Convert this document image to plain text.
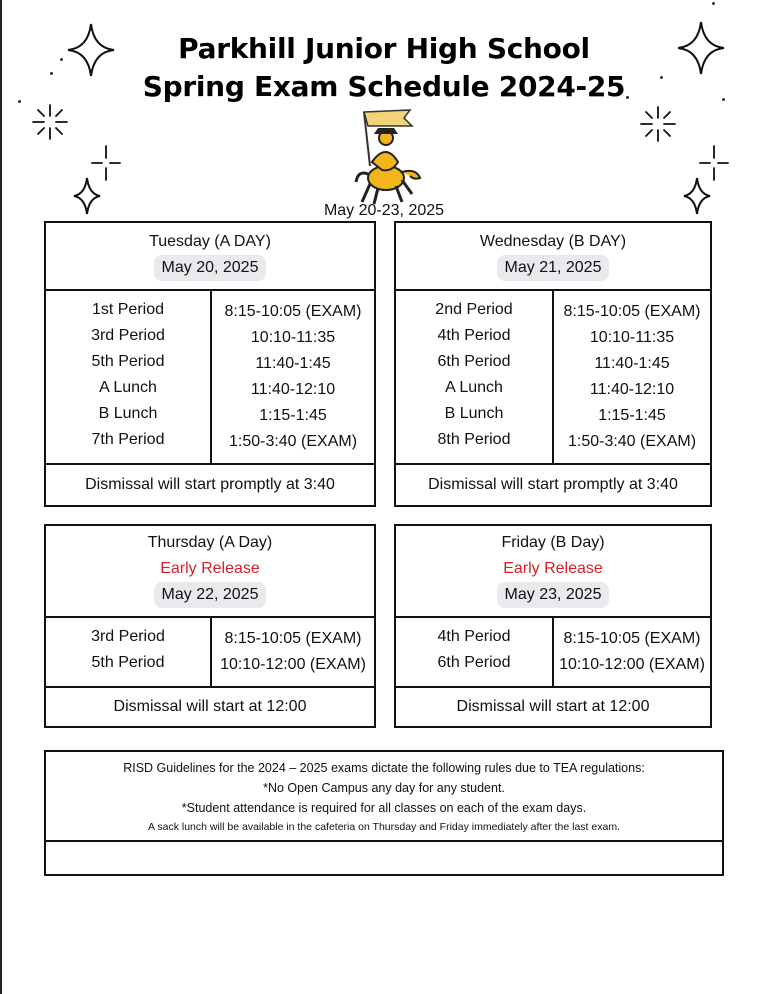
Parkhill Junior High School
Spring Exam Schedule 2024-25
May 20-23, 2025
Tuesday (A DAY)
May 20, 2025
1st Period
3rd Period
5th Period
A Lunch
B Lunch
7th Period
8:15-10:05 (EXAM)
10:10-11:35
11:40-1:45
11:40-12:10
1:15-1:45
1:50-3:40 (EXAM)
Dismissal will start promptly at 3:40
Wednesday (B DAY)
May 21, 2025
2nd Period
4th Period
6th Period
A Lunch
B Lunch
8th Period
8:15-10:05 (EXAM)
10:10-11:35
11:40-1:45
11:40-12:10
1:15-1:45
1:50-3:40 (EXAM)
Dismissal will start promptly at 3:40
Thursday (A Day)
Early Release
May 22, 2025
3rd Period
5th Period
8:15-10:05 (EXAM)
10:10-12:00 (EXAM)
Dismissal will start at 12:00
Friday (B Day)
Early Release
May 23, 2025
4th Period
6th Period
8:15-10:05 (EXAM)
10:10-12:00 (EXAM)
Dismissal will start at 12:00
RISD Guidelines for the 2024 – 2025 exams dictate the following rules due to TEA regulations:
*No Open Campus any day for any student.
*Student attendance is required for all classes on each of the exam days.
A sack lunch will be available in the cafeteria on Thursday and Friday immediately after the last exam.
